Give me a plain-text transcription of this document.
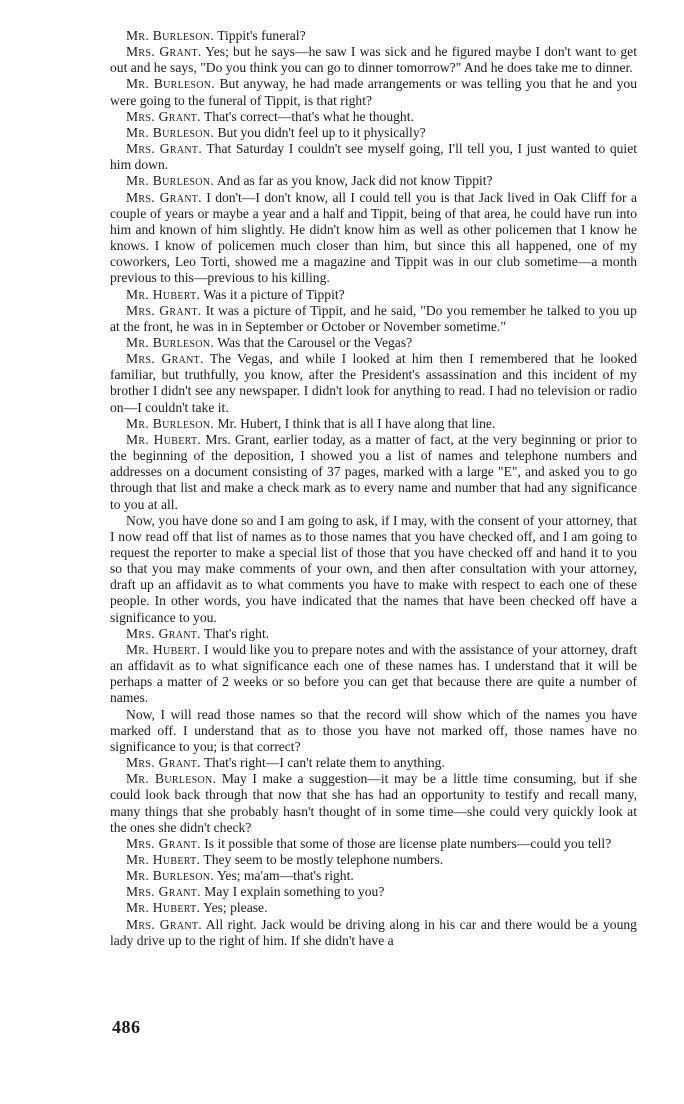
Mr. Burleson. Tippit's funeral?

Mrs. Grant. Yes; but he says—he saw I was sick and he figured maybe I don't want to get out and he says, "Do you think you can go to dinner tomorrow?" And he does take me to dinner.

Mr. Burleson. But anyway, he had made arrangements or was telling you that he and you were going to the funeral of Tippit, is that right?

Mrs. Grant. That's correct—that's what he thought.

Mr. Burleson. But you didn't feel up to it physically?

Mrs. Grant. That Saturday I couldn't see myself going, I'll tell you, I just wanted to quiet him down.

Mr. Burleson. And as far as you know, Jack did not know Tippit?

Mrs. Grant. I don't—I don't know, all I could tell you is that Jack lived in Oak Cliff for a couple of years or maybe a year and a half and Tippit, being of that area, he could have run into him and known of him slightly. He didn't know him as well as other policemen that I know he knows. I know of policemen much closer than him, but since this all happened, one of my coworkers, Leo Torti, showed me a magazine and Tippit was in our club sometime—a month previous to this—previous to his killing.

Mr. Hubert. Was it a picture of Tippit?

Mrs. Grant. It was a picture of Tippit, and he said, "Do you remember he talked to you up at the front, he was in in September or October or November sometime."

Mr. Burleson. Was that the Carousel or the Vegas?

Mrs. Grant. The Vegas, and while I looked at him then I remembered that he looked familiar, but truthfully, you know, after the President's assassination and this incident of my brother I didn't see any newspaper. I didn't look for anything to read. I had no television or radio on—I couldn't take it.

Mr. Burleson. Mr. Hubert, I think that is all I have along that line.

Mr. Hubert. Mrs. Grant, earlier today, as a matter of fact, at the very beginning or prior to the beginning of the deposition, I showed you a list of names and telephone numbers and addresses on a document consisting of 37 pages, marked with a large "E", and asked you to go through that list and make a check mark as to every name and number that had any significance to you at all.

Now, you have done so and I am going to ask, if I may, with the consent of your attorney, that I now read off that list of names as to those names that you have checked off, and I am going to request the reporter to make a special list of those that you have checked off and hand it to you so that you may make comments of your own, and then after consultation with your attorney, draft up an affidavit as to what comments you have to make with respect to each one of these people. In other words, you have indicated that the names that have been checked off have a significance to you.

Mrs. Grant. That's right.

Mr. Hubert. I would like you to prepare notes and with the assistance of your attorney, draft an affidavit as to what significance each one of these names has. I understand that it will be perhaps a matter of 2 weeks or so before you can get that because there are quite a number of names.

Now, I will read those names so that the record will show which of the names you have marked off. I understand that as to those you have not marked off, those names have no significance to you; is that correct?

Mrs. Grant. That's right—I can't relate them to anything.

Mr. Burleson. May I make a suggestion—it may be a little time consuming, but if she could look back through that now that she has had an opportunity to testify and recall many, many things that she probably hasn't thought of in some time—she could very quickly look at the ones she didn't check?

Mrs. Grant. Is it possible that some of those are license plate numbers—could you tell?

Mr. Hubert. They seem to be mostly telephone numbers.

Mr. Burleson. Yes; ma'am—that's right.

Mrs. Grant. May I explain something to you?

Mr. Hubert. Yes; please.

Mrs. Grant. All right. Jack would be driving along in his car and there would be a young lady drive up to the right of him. If she didn't have a

486
